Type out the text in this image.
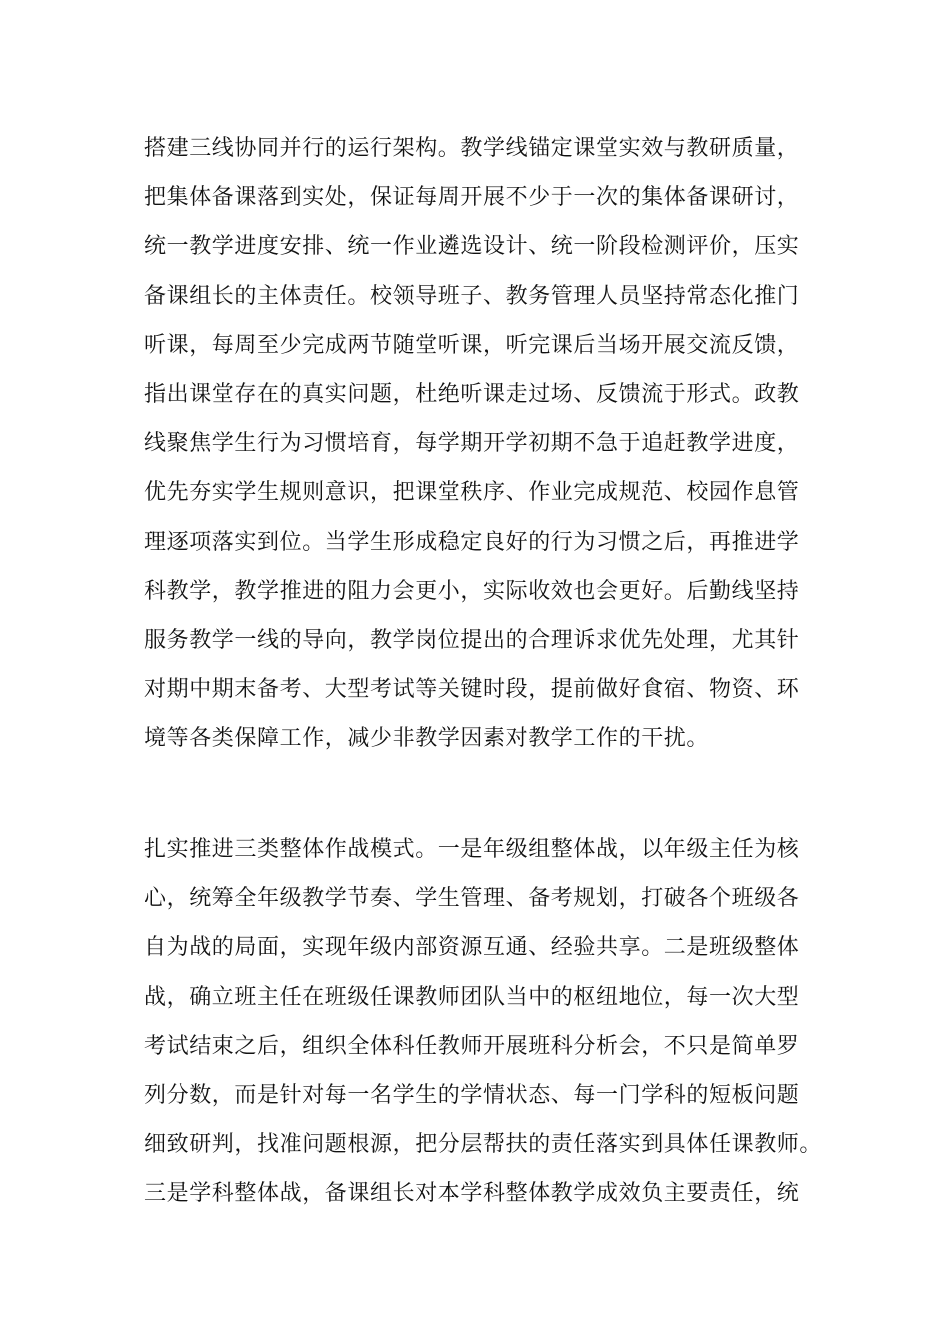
搭建三线协同并行的运行架构。教学线锚定课堂实效与教研质量，
把集体备课落到实处，保证每周开展不少于一次的集体备课研讨，
统一教学进度安排、统一作业遴选设计、统一阶段检测评价，压实
备课组长的主体责任。校领导班子、教务管理人员坚持常态化推门
听课，每周至少完成两节随堂听课，听完课后当场开展交流反馈，
指出课堂存在的真实问题，杜绝听课走过场、反馈流于形式。政教
线聚焦学生行为习惯培育，每学期开学初期不急于追赶教学进度，
优先夯实学生规则意识，把课堂秩序、作业完成规范、校园作息管
理逐项落实到位。当学生形成稳定良好的行为习惯之后，再推进学
科教学，教学推进的阻力会更小，实际收效也会更好。后勤线坚持
服务教学一线的导向，教学岗位提出的合理诉求优先处理，尤其针
对期中期末备考、大型考试等关键时段，提前做好食宿、物资、环
境等各类保障工作，减少非教学因素对教学工作的干扰。
扎实推进三类整体作战模式。一是年级组整体战，以年级主任为核
心，统筹全年级教学节奏、学生管理、备考规划，打破各个班级各
自为战的局面，实现年级内部资源互通、经验共享。二是班级整体
战，确立班主任在班级任课教师团队当中的枢纽地位，每一次大型
考试结束之后，组织全体科任教师开展班科分析会，不只是简单罗
列分数，而是针对每一名学生的学情状态、每一门学科的短板问题
细致研判，找准问题根源，把分层帮扶的责任落实到具体任课教师。
三是学科整体战，备课组长对本学科整体教学成效负主要责任，统
